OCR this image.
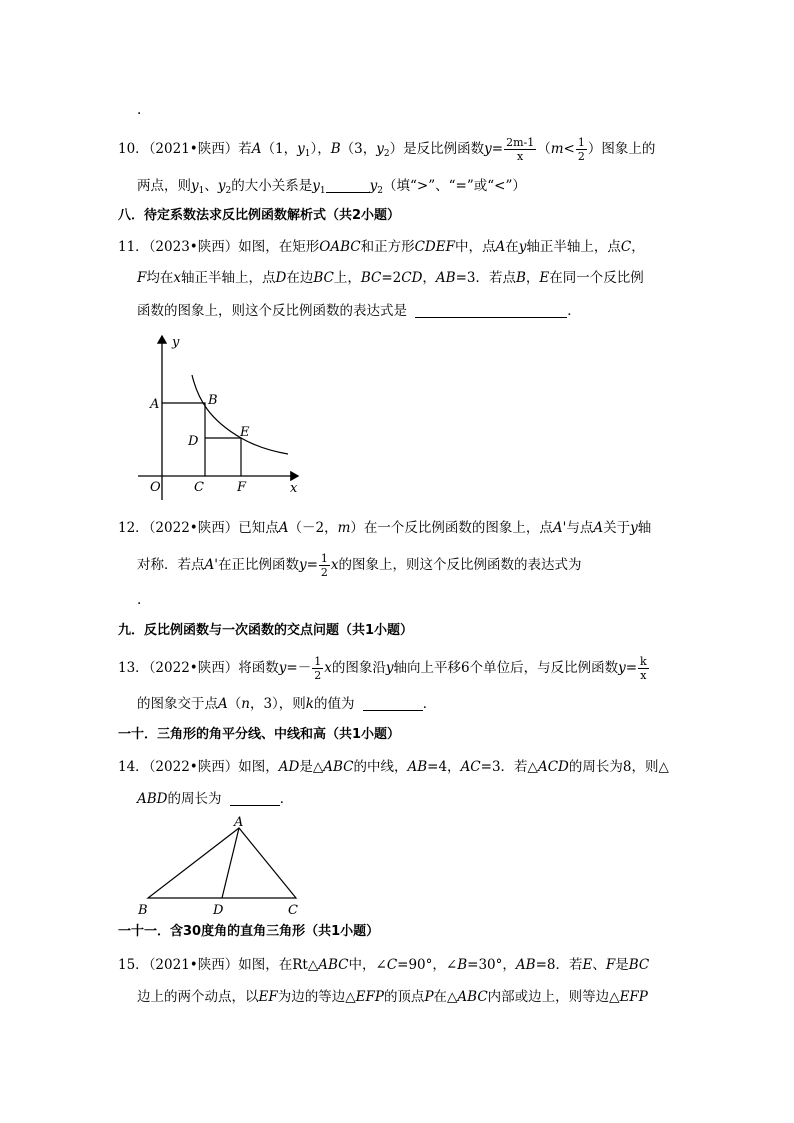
.
10．（2021•陕西）若A（1，$y_1$），B（3，$y_2$）是反比例函数$y= \frac{2m-1}{x} (m< \frac{1}{2}$ ）图象上的
两点，则$y_1$、$y_2$的大小关系是$y_1$	$y_2$（填“>”、“=”或“<”）
八．待定系数法求反比例函数解析式（共2小题）
11．（2023•陕西）如图，在矩形OABC和正方形CDEF中，点A在y轴正半轴上，点C，
F均在x轴正半轴上，点D在边BC上，BC=2CD，AB=3．若点B，E在同一个反比例
函数的图象上，则这个反比例函数的表达式是	．
y
x
A	B
D
E
O	C	F
12．（2022•陕西）已知点A（－2，m）在一个反比例函数的图象上，点A'与点A关于y轴
对称．若点A'在正比例函数$y= \frac{1}{2}$ x的图象上，则这个反比例函数的表达式为
.
九．反比例函数与一次函数的交点问题（共1小题）
13．（2022•陕西）将函数$y=- \frac{1}{2}$ x的图象沿y轴向上平移6个单位后，与反比例函数$y= \frac{k}{x}$
的图象交于点A（n，3），则k的值为	．
一十．三角形的角平分线、中线和高（共1小题）
14．（2022•陕西）如图，AD是△ABC的中线，AB=4，AC=3．若△ACD的周长为8，则△
ABD的周长为	．
A
B	D	C
一十一．含30度角的直角三角形（共1小题）
15．（2021•陕西）如图，在Rt△ABC中，∠C=90°，∠B=30°，AB=8．若E、F是BC
边上的两个动点，以EF为边的等边△EFP的顶点P在△ABC内部或边上，则等边△EFP
